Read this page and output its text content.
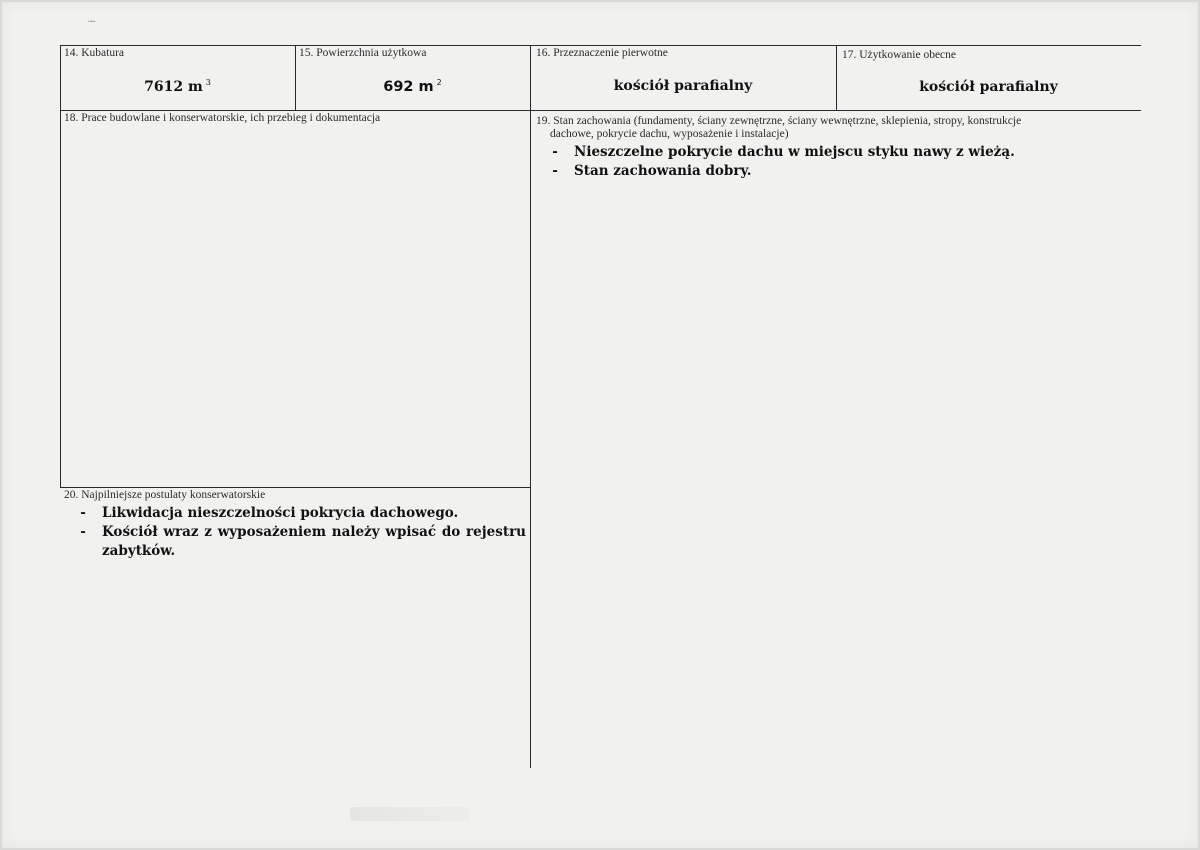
~~·
14. Kubatura
7612 m $^3$
15. Powierzchnia użytkowa
692 m $^2$
16. Przeznaczenie pierwotne
kościół parafialny
17. Użytkowanie obecne
kościół parafialny
18. Prace budowlane i konserwatorskie, ich przebieg i dokumentacja	19. Stan zachowania (fundamenty, ściany zewnętrzne, ściany wewnętrzne, sklepienia, stropy, konstrukcje
dachowe, pokrycie dachu, wyposażenie i instalacje)
-	Nieszczelne pokrycie dachu w miejscu styku nawy z wieżą.
-	Stan zachowania dobry.
20. Najpilniejsze postulaty konserwatorskie
-	Likwidacja nieszczelności pokrycia dachowego.
-	Kościół wraz z wyposażeniem należy wpisać do rejestru zabytków.
